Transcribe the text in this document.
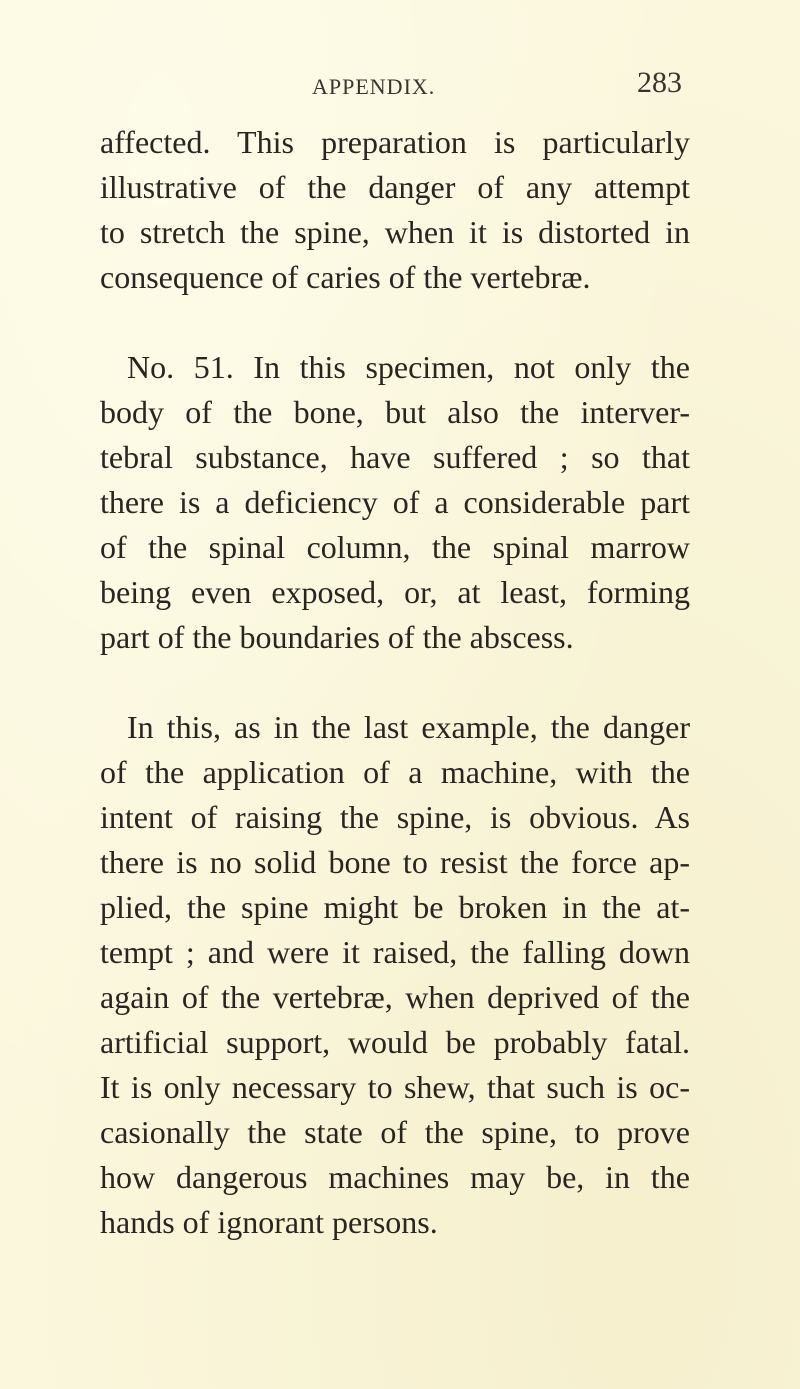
APPENDIX.	283

affected. This preparation is particularly
illustrative of the danger of any attempt
to stretch the spine, when it is distorted in
consequence of caries of the vertebræ.

No. 51. In this specimen, not only the
body of the bone, but also the interver-
tebral substance, have suffered ; so that
there is a deficiency of a considerable part
of the spinal column, the spinal marrow
being even exposed, or, at least, forming
part of the boundaries of the abscess.

In this, as in the last example, the danger
of the application of a machine, with the
intent of raising the spine, is obvious. As
there is no solid bone to resist the force ap-
plied, the spine might be broken in the at-
tempt ; and were it raised, the falling down
again of the vertebræ, when deprived of the
artificial support, would be probably fatal.
It is only necessary to shew, that such is oc-
casionally the state of the spine, to prove
how dangerous machines may be, in the
hands of ignorant persons.
